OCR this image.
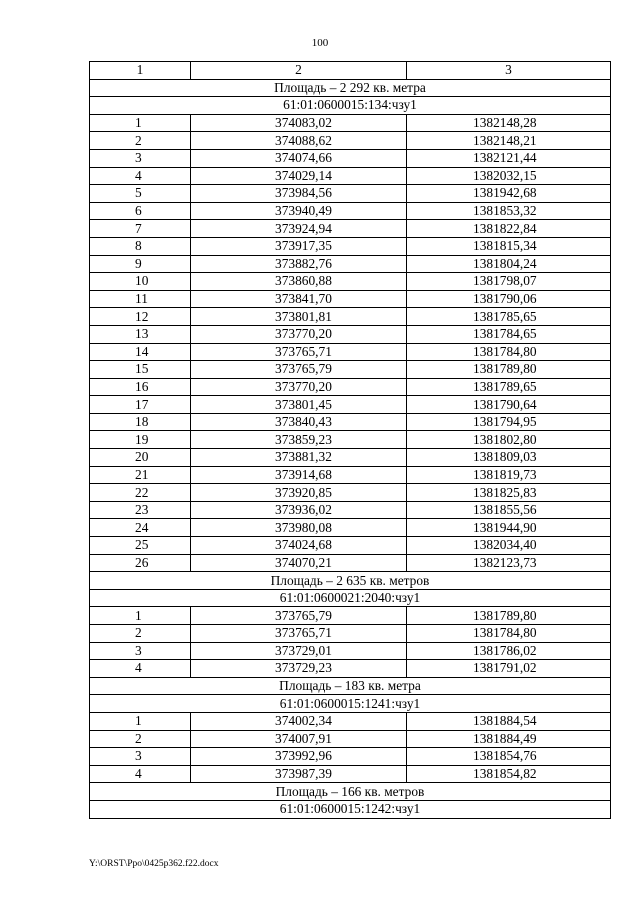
100
1	2	3
Площадь – 2 292 кв. метра		
61:01:0600015:134:чзу1		
1	374083,02	1382148,28
2	374088,62	1382148,21
3	374074,66	1382121,44
4	374029,14	1382032,15
5	373984,56	1381942,68
6	373940,49	1381853,32
7	373924,94	1381822,84
8	373917,35	1381815,34
9	373882,76	1381804,24
10	373860,88	1381798,07
11	373841,70	1381790,06
12	373801,81	1381785,65
13	373770,20	1381784,65
14	373765,71	1381784,80
15	373765,79	1381789,80
16	373770,20	1381789,65
17	373801,45	1381790,64
18	373840,43	1381794,95
19	373859,23	1381802,80
20	373881,32	1381809,03
21	373914,68	1381819,73
22	373920,85	1381825,83
23	373936,02	1381855,56
24	373980,08	1381944,90
25	374024,68	1382034,40
26	374070,21	1382123,73
Площадь – 2 635 кв. метров		
61:01:0600021:2040:чзу1		
1	373765,79	1381789,80
2	373765,71	1381784,80
3	373729,01	1381786,02
4	373729,23	1381791,02
Площадь – 183 кв. метра		
61:01:0600015:1241:чзу1		
1	374002,34	1381884,54
2	374007,91	1381884,49
3	373992,96	1381854,76
4	373987,39	1381854,82
Площадь – 166 кв. метров		
61:01:0600015:1242:чзу1		
Y:\ORST\Ppo\0425p362.f22.docx
